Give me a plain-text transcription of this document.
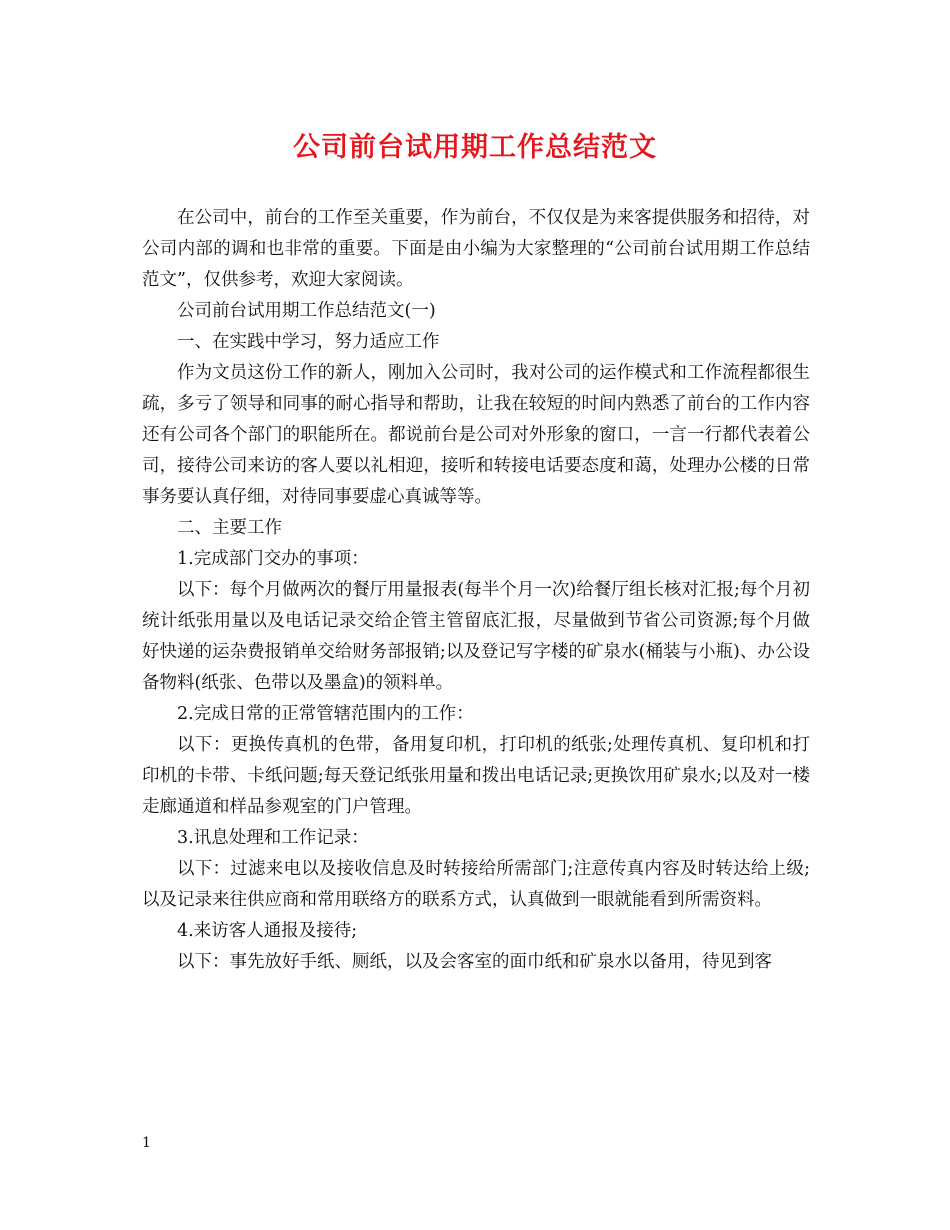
公司前台试用期工作总结范文

在公司中，前台的工作至关重要，作为前台，不仅仅是为来客提供服务和招待，对公司内部的调和也非常的重要。下面是由小编为大家整理的“公司前台试用期工作总结范文”，仅供参考，欢迎大家阅读。

公司前台试用期工作总结范文(一)

一、在实践中学习，努力适应工作

作为文员这份工作的新人，刚加入公司时，我对公司的运作模式和工作流程都很生疏，多亏了领导和同事的耐心指导和帮助，让我在较短的时间内熟悉了前台的工作内容还有公司各个部门的职能所在。都说前台是公司对外形象的窗口，一言一行都代表着公司，接待公司来访的客人要以礼相迎，接听和转接电话要态度和蔼，处理办公楼的日常事务要认真仔细，对待同事要虚心真诚等等。

二、主要工作

1.完成部门交办的事项：

以下：每个月做两次的餐厅用量报表(每半个月一次)给餐厅组长核对汇报;每个月初统计纸张用量以及电话记录交给企管主管留底汇报，尽量做到节省公司资源;每个月做好快递的运杂费报销单交给财务部报销;以及登记写字楼的矿泉水(桶装与小瓶)、办公设备物料(纸张、色带以及墨盒)的领料单。

2.完成日常的正常管辖范围内的工作：

以下：更换传真机的色带，备用复印机，打印机的纸张;处理传真机、复印机和打印机的卡带、卡纸问题;每天登记纸张用量和拨出电话记录;更换饮用矿泉水;以及对一楼走廊通道和样品参观室的门户管理。

3.讯息处理和工作记录：

以下：过滤来电以及接收信息及时转接给所需部门;注意传真内容及时转达给上级;以及记录来往供应商和常用联络方的联系方式，认真做到一眼就能看到所需资料。

4.来访客人通报及接待;

以下：事先放好手纸、厕纸，以及会客室的面巾纸和矿泉水以备用，待见到客

1
